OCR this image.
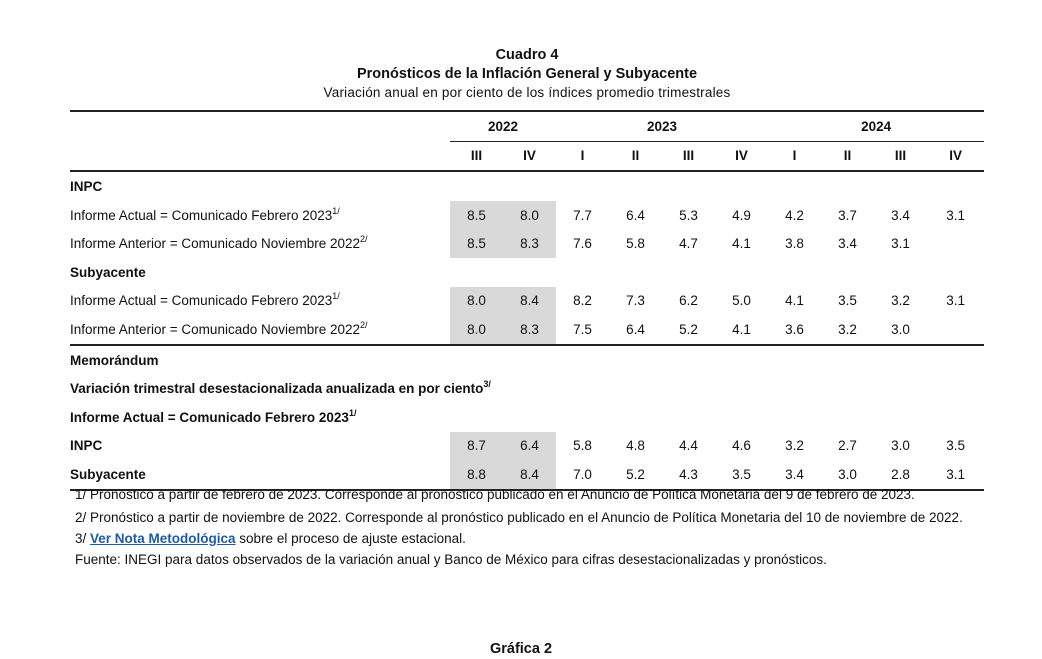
Cuadro 4
Pronósticos de la Inflación General y Subyacente
Variación anual en por ciento de los índices promedio trimestrales
	2022		2023				2024			
	III	IV	I	II	III	IV	I	II	III	IV
INPC										
Informe Actual = Comunicado Febrero $2023^{1/}$	8.5	8.0	7.7	6.4	5.3	4.9	4.2	3.7	3.4	3.1
Informe Anterior = Comunicado Noviembre $2022^{2/}$	8.5	8.3	7.6	5.8	4.7	4.1	3.8	3.4	3.1	
Subyacente										
Informe Actual = Comunicado Febrero $2023^{1/}$	8.0	8.4	8.2	7.3	6.2	5.0	4.1	3.5	3.2	3.1
Informe Anterior = Comunicado Noviembre $2022^{2/}$	8.0	8.3	7.5	6.4	5.2	4.1	3.6	3.2	3.0	
Memorándum										
Variación trimestral desestacionalizada anualizada en por ciento$^{3/}$
Informe Actual = Comunicado Febrero $2023^{1/}$
INPC	8.7	6.4	5.8	4.8	4.4	4.6	3.2	2.7	3.0	3.5
Subyacente	8.8	8.4	7.0	5.2	4.3	3.5	3.4	3.0	2.8	3.1

1/ Pronóstico a partir de febrero de 2023. Corresponde al pronóstico publicado en el Anuncio de Política Monetaria del 9 de febrero de 2023.

2/ Pronóstico a partir de noviembre de 2022. Corresponde al pronóstico publicado en el Anuncio de Política Monetaria del 10 de noviembre de 2022.

3/ Ver Nota Metodológica sobre el proceso de ajuste estacional.

Fuente: INEGI para datos observados de la variación anual y Banco de México para cifras desestacionalizadas y pronósticos.

Gráfica 2
